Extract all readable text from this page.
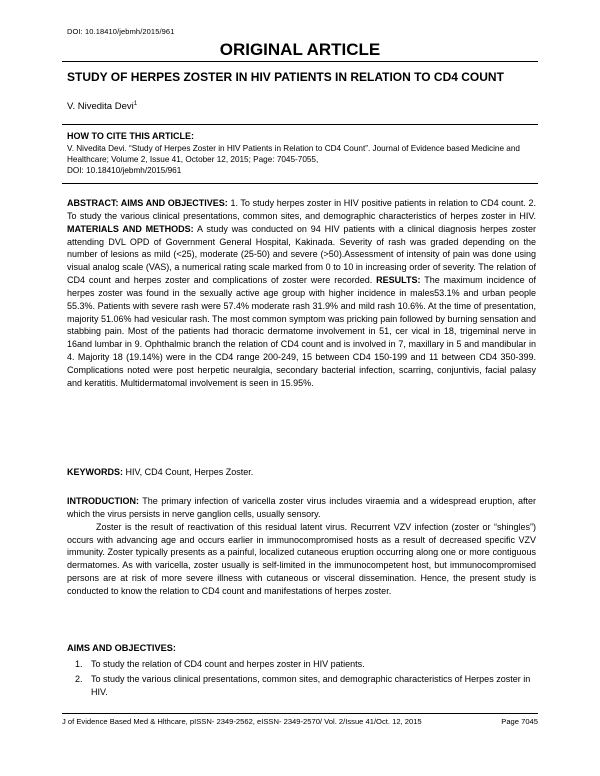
DOI: 10.18410/jebmh/2015/961
ORIGINAL ARTICLE
STUDY OF HERPES ZOSTER IN HIV PATIENTS IN RELATION TO CD4 COUNT
V. Nivedita Devi$^1$
HOW TO CITE THIS ARTICLE:
V. Nivedita Devi. “Study of Herpes Zoster in HIV Patients in Relation to CD4 Count”. Journal of Evidence based Medicine and Healthcare; Volume 2, Issue 41, October 12, 2015; Page: 7045-7055,
DOI: 10.18410/jebmh/2015/961
ABSTRACT: AIMS AND OBJECTIVES: 1. To study herpes zoster in HIV positive patients in relation to CD4 count. 2. To study the various clinical presentations, common sites, and demographic characteristics of herpes zoster in HIV. MATERIALS AND METHODS: A study was conducted on 94 HIV patients with a clinical diagnosis herpes zoster attending DVL OPD of Government General Hospital, Kakinada. Severity of rash was graded depending on the number of lesions as mild (<25), moderate (25-50) and severe (>50).Assessment of intensity of pain was done using visual analog scale (VAS), a numerical rating scale marked from 0 to 10 in increasing order of severity. The relation of CD4 count and herpes zoster and complications of zoster were recorded. RESULTS: The maximum incidence of herpes zoster was found in the sexually active age group with higher incidence in males53.1% and urban people 55.3%. Patients with severe rash were 57.4% moderate rash 31.9% and mild rash 10.6%. At the time of presentation, majority 51.06% had vesicular rash. The most common symptom was pricking pain followed by burning sensation and stabbing pain. Most of the patients had thoracic dermatome involvement in 51, cer vical in 18, trigeminal nerve in 16and lumbar in 9. Ophthalmic branch the relation of CD4 count and is involved in 7, maxillary in 5 and mandibular in 4. Majority 18 (19.14%) were in the CD4 range 200-249, 15 between CD4 150-199 and 11 between CD4 350-399. Complications noted were post herpetic neuralgia, secondary bacterial infection, scarring, conjuntivis, facial palasy and keratitis. Multidermatomal involvement is seen in 15.95%.
KEYWORDS: HIV, CD4 Count, Herpes Zoster.
INTRODUCTION: The primary infection of varicella zoster virus includes viraemia and a widespread eruption, after which the virus persists in nerve ganglion cells, usually sensory.
Zoster is the result of reactivation of this residual latent virus. Recurrent VZV infection (zoster or “shingles”) occurs with advancing age and occurs earlier in immunocompromised hosts as a result of decreased specific VZV immunity. Zoster typically presents as a painful, localized cutaneous eruption occurring along one or more contiguous dermatomes. As with varicella, zoster usually is self-limited in the immunocompetent host, but immunocompromised persons are at risk of more severe illness with cutaneous or visceral dissemination. Hence, the present study is conducted to know the relation to CD4 count and manifestations of herpes zoster.
AIMS AND OBJECTIVES:
1. To study the relation of CD4 count and herpes zoster in HIV patients.
2. To study the various clinical presentations, common sites, and demographic characteristics of Herpes zoster in HIV.
J of Evidence Based Med & Hlthcare, pISSN- 2349-2562, eISSN- 2349-2570/ Vol. 2/Issue 41/Oct. 12, 2015	Page 7045
